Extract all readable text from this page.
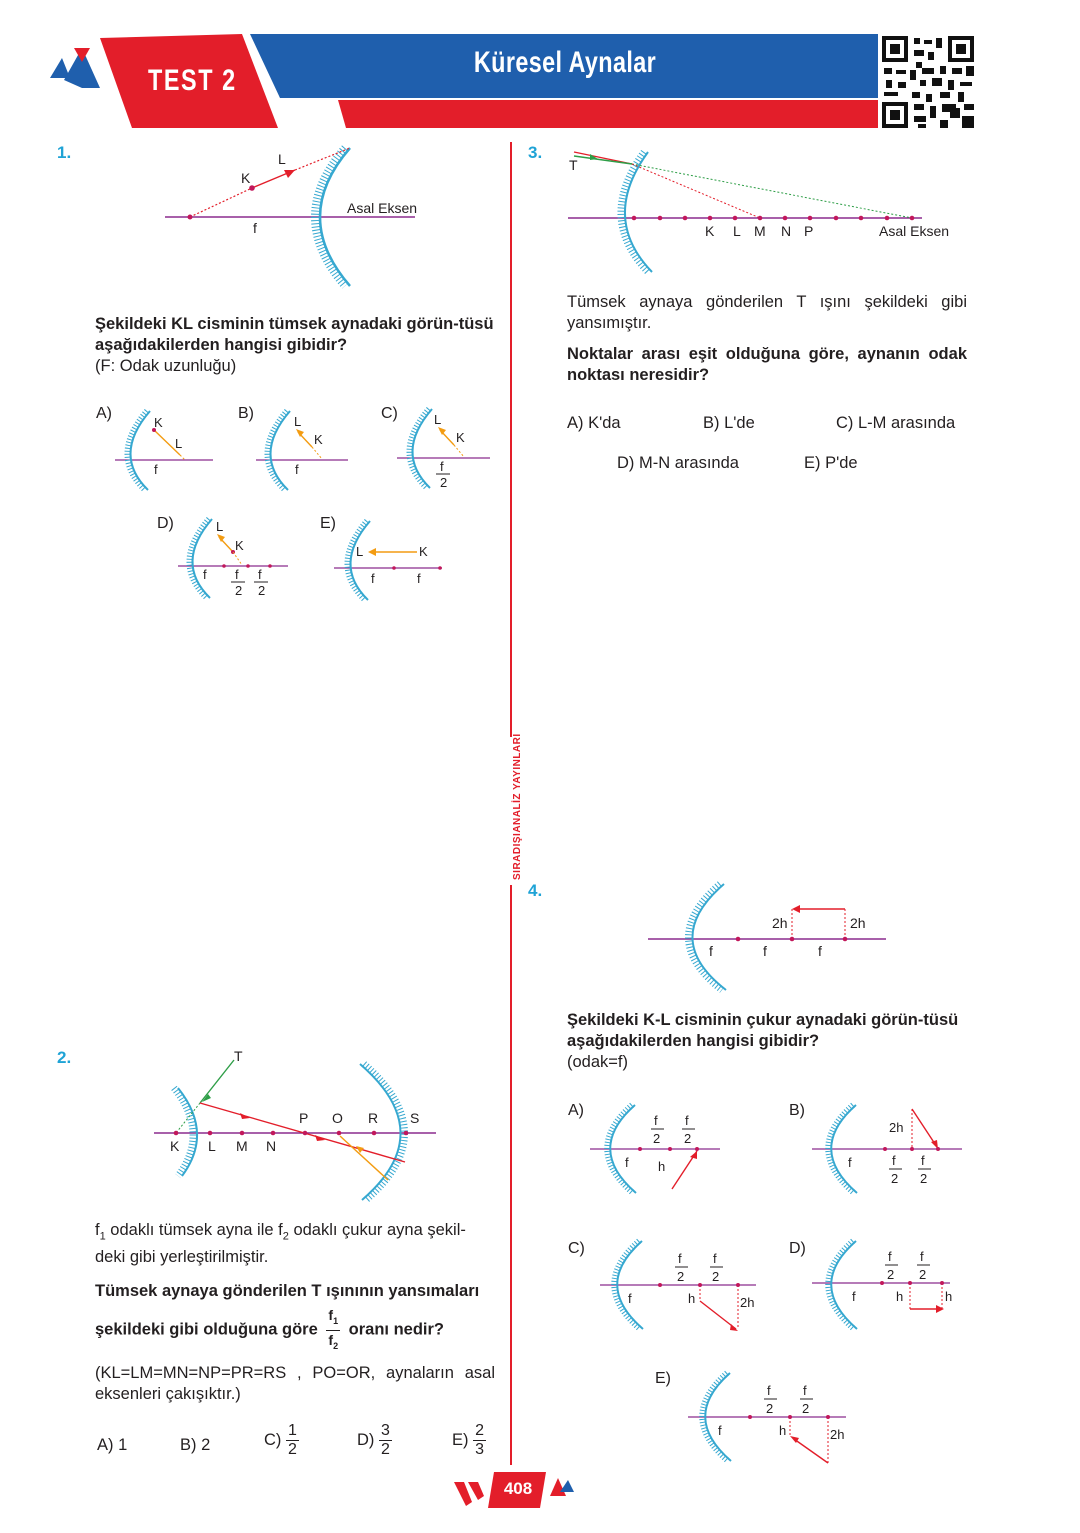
TEST 2
Küresel Aynalar
SIRADIŞIANALİZ YAYINLARI
1.
K
L
f
Asal Eksen
Şekildeki KL cisminin tümsek aynadaki görün-tüsü aşağıdakilerden hangisi gibidir?
(F: Odak uzunluğu)
A)
K
L
f
B)	L
K
f
C)	L
K
f
2
D)	L
K
f f
2
f
2
E)
L	K
f	f
2.	T
K L M N
P O R S
$f_1$ odaklı tümsek ayna ile $f_2$ odaklı çukur ayna şekil-deki gibi yerleştirilmiştir.
Tümsek aynaya gönderilen T ışınının yansımaları
şekildeki gibi olduğuna göre $\frac{f_1}{f_2}$ oranı nedir?
(KL=LM=MN=NP=PR=RS , PO=OR, aynaların asal eksenleri çakışıktır.)
A) 1	B) 2	$C) \frac{1}{2}$	$D) \frac{3}{2}$	$E) \frac{2}{3}$
3.
T
K L M N P	Asal Eksen
Tümsek aynaya gönderilen T ışını şekildeki gibi yansımıştır.
Noktalar arası eşit olduğuna göre, aynanın odak noktası neresidir?
A) K'da	B) L'de	C) L-M arasında
D) M-N arasında	E) P'de
4.
2h	2h
f	f	f
Şekildeki K-L cisminin çukur aynadaki görün-tüsü aşağıdakilerden hangisi gibidir?
(odak=f)
A)
f h
f
2
f
2
B)
2h
f	f
2
f
2
C)
f	h	2h
f
2
f
2
D)
f	h	h
f
2
f
2
E)
f	h	2h
f
2
f
2
408
